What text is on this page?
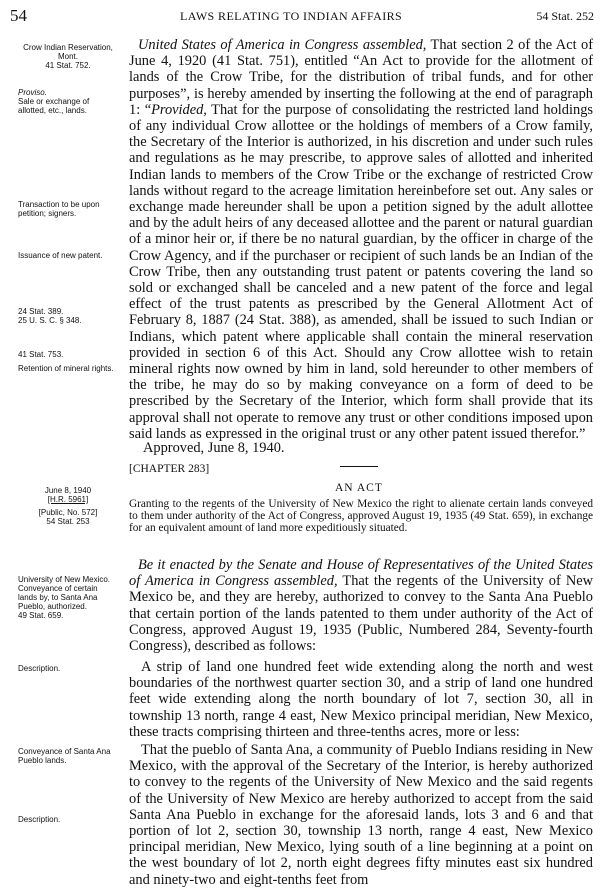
54	LAWS RELATING TO INDIAN AFFAIRS	54 Stat. 252
Crow Indian Reservation, Mont.
41 Stat. 752.
Proviso.
Sale or exchange of allotted, etc., lands.
Transaction to be upon petition; signers.
Issuance of new patent.
24 Stat. 389.
25 U. S. C. § 348.
41 Stat. 753.
Retention of mineral rights.
June 8, 1940
[H.R. 5961]
[Public, No. 572]
54 Stat. 253
University of New Mexico.
Conveyance of certain lands by, to Santa Ana Pueblo, authorized.
49 Stat. 659.
Description.
Conveyance of Santa Ana Pueblo lands.
Description.
United States of America in Congress assembled, That section 2 of the Act of June 4, 1920 (41 Stat. 751), entitled “An Act to provide for the allotment of lands of the Crow Tribe, for the distribution of tribal funds, and for other purposes”, is hereby amended by inserting the following at the end of paragraph 1: “Provided, That for the purpose of consolidating the restricted land holdings of any individual Crow allottee or the holdings of members of a Crow family, the Secretary of the Interior is authorized, in his discretion and under such rules and regulations as he may prescribe, to approve sales of allotted and inherited Indian lands to members of the Crow Tribe or the exchange of restricted Crow lands without regard to the acreage limitation hereinbefore set out. Any sales or exchange made hereunder shall be upon a petition signed by the adult allottee and by the adult heirs of any deceased allottee and the parent or natural guardian of a minor heir or, if there be no natural guardian, by the officer in charge of the Crow Agency, and if the purchaser or recipient of such lands be an Indian of the Crow Tribe, then any outstanding trust patent or patents covering the land so sold or exchanged shall be canceled and a new patent of the force and legal effect of the trust patents as prescribed by the General Allotment Act of February 8, 1887 (24 Stat. 388), as amended, shall be issued to such Indian or Indians, which patent where applicable shall contain the mineral reservation provided in section 6 of this Act. Should any Crow allottee wish to retain mineral rights now owned by him in land, sold hereunder to other members of the tribe, he may do so by making conveyance on a form of deed to be prescribed by the Secretary of the Interior, which form shall provide that its approval shall not operate to remove any trust or other conditions imposed upon said lands as expressed in the original trust or any other patent issued therefor.”
Approved, June 8, 1940.
[CHAPTER 283]
AN ACT
Granting to the regents of the University of New Mexico the right to alienate certain lands conveyed to them under authority of the Act of Congress, approved August 19, 1935 (49 Stat. 659), in exchange for an equivalent amount of land more expeditiously situated.
Be it enacted by the Senate and House of Representatives of the United States of America in Congress assembled, That the regents of the University of New Mexico be, and they are hereby, authorized to convey to the Santa Ana Pueblo that certain portion of the lands patented to them under authority of the Act of Congress, approved August 19, 1935 (Public, Numbered 284, Seventy-fourth Congress), described as follows:
A strip of land one hundred feet wide extending along the north and west boundaries of the northwest quarter section 30, and a strip of land one hundred feet wide extending along the north boundary of lot 7, section 30, all in township 13 north, range 4 east, New Mexico principal meridian, New Mexico, these tracts comprising thirteen and three-tenths acres, more or less:
That the pueblo of Santa Ana, a community of Pueblo Indians residing in New Mexico, with the approval of the Secretary of the Interior, is hereby authorized to convey to the regents of the University of New Mexico and the said regents of the University of New Mexico are hereby authorized to accept from the said Santa Ana Pueblo in exchange for the aforesaid lands, lots 3 and 6 and that portion of lot 2, section 30, township 13 north, range 4 east, New Mexico principal meridian, New Mexico, lying south of a line beginning at a point on the west boundary of lot 2, north eight degrees fifty minutes east six hundred and ninety-two and eight-tenths feet from
